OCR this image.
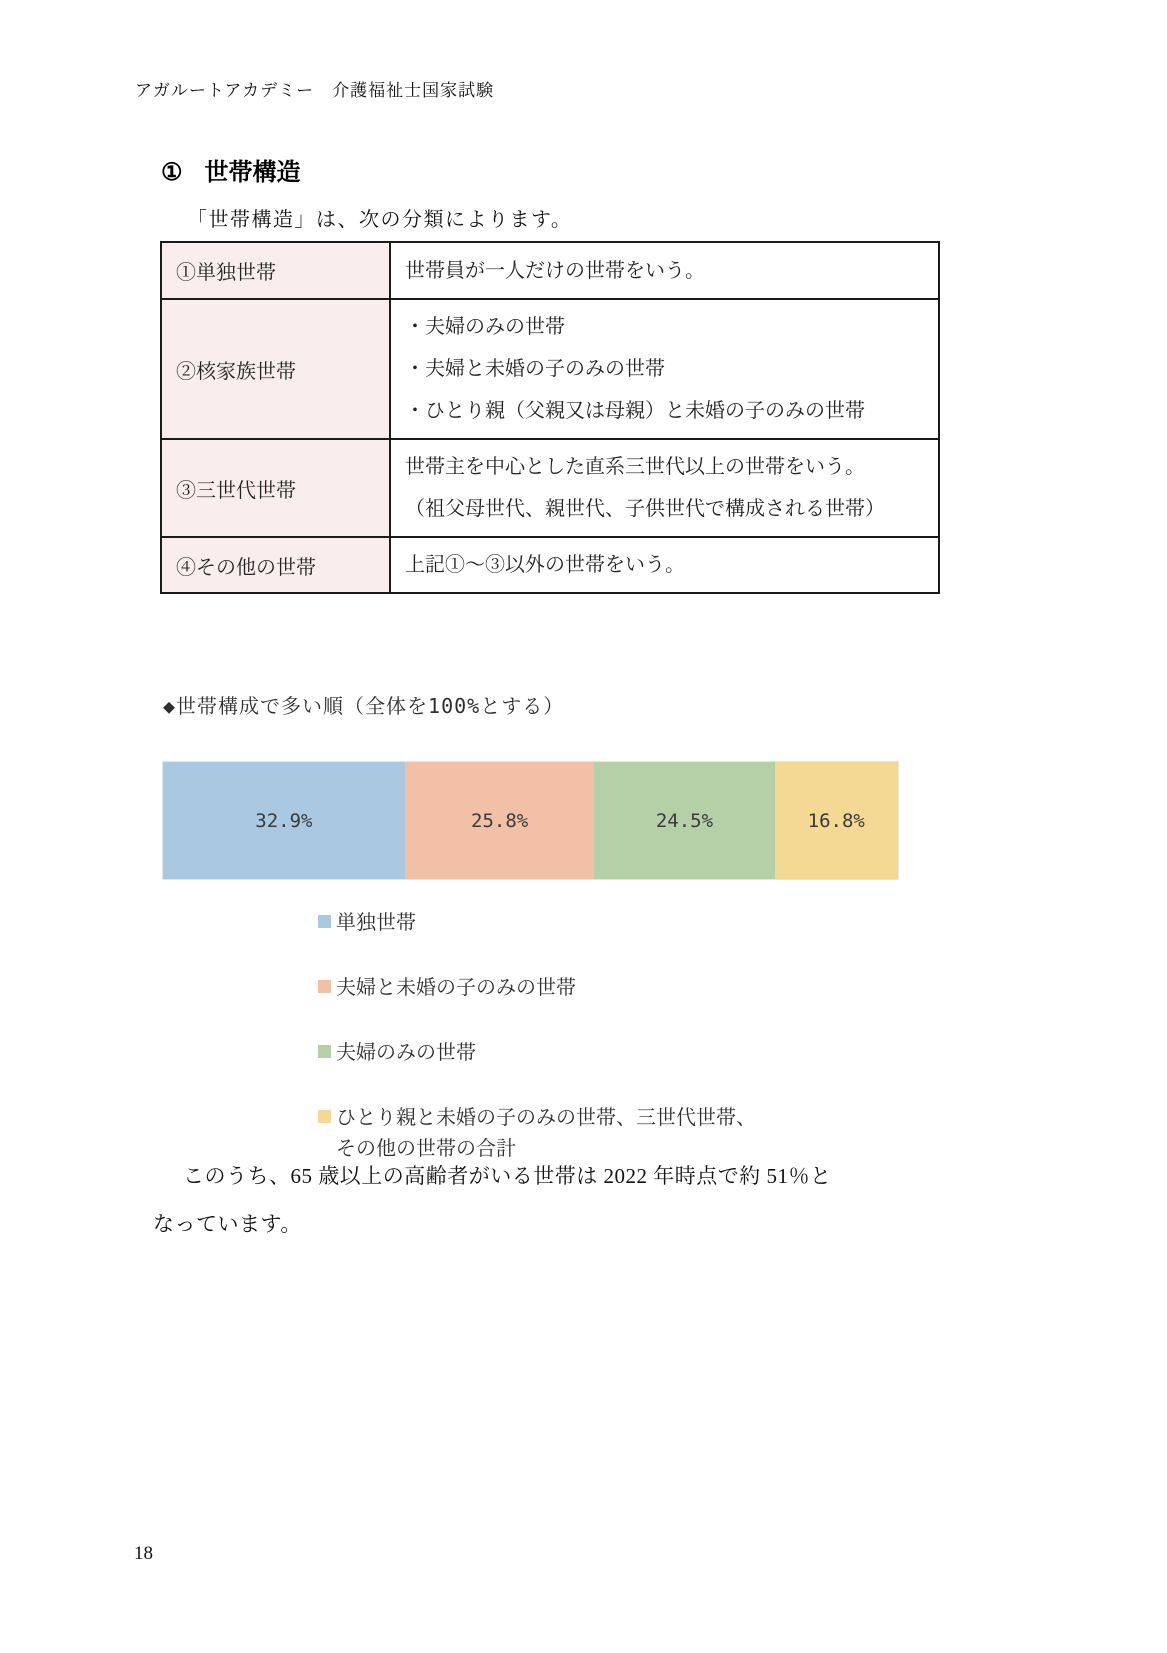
アガルートアカデミー　介護福祉士国家試験
① 世帯構造
「世帯構造」は、次の分類によります。
①単独世帯	世帯員が一人だけの世帯をいう。

②核家族世帯	・夫婦のみの世帯
・夫婦と未婚の子のみの世帯
・ひとり親（父親又は母親）と未婚の子のみの世帯

③三世代世帯	世帯主を中心とした直系三世代以上の世帯をいう。
（祖父母世代、親世代、子供世代で構成される世帯）

④その他の世帯	上記①～③以外の世帯をいう。
◆世帯構成で多い順（全体を100%とする）
32.9%	25.8%	24.5%	16.8%
単独世帯
夫婦と未婚の子のみの世帯
夫婦のみの世帯
ひとり親と未婚の子のみの世帯、三世代世帯、
その他の世帯の合計
このうち、65 歳以上の高齢者がいる世帯は 2022 年時点で約 51％と
なっています。
18
